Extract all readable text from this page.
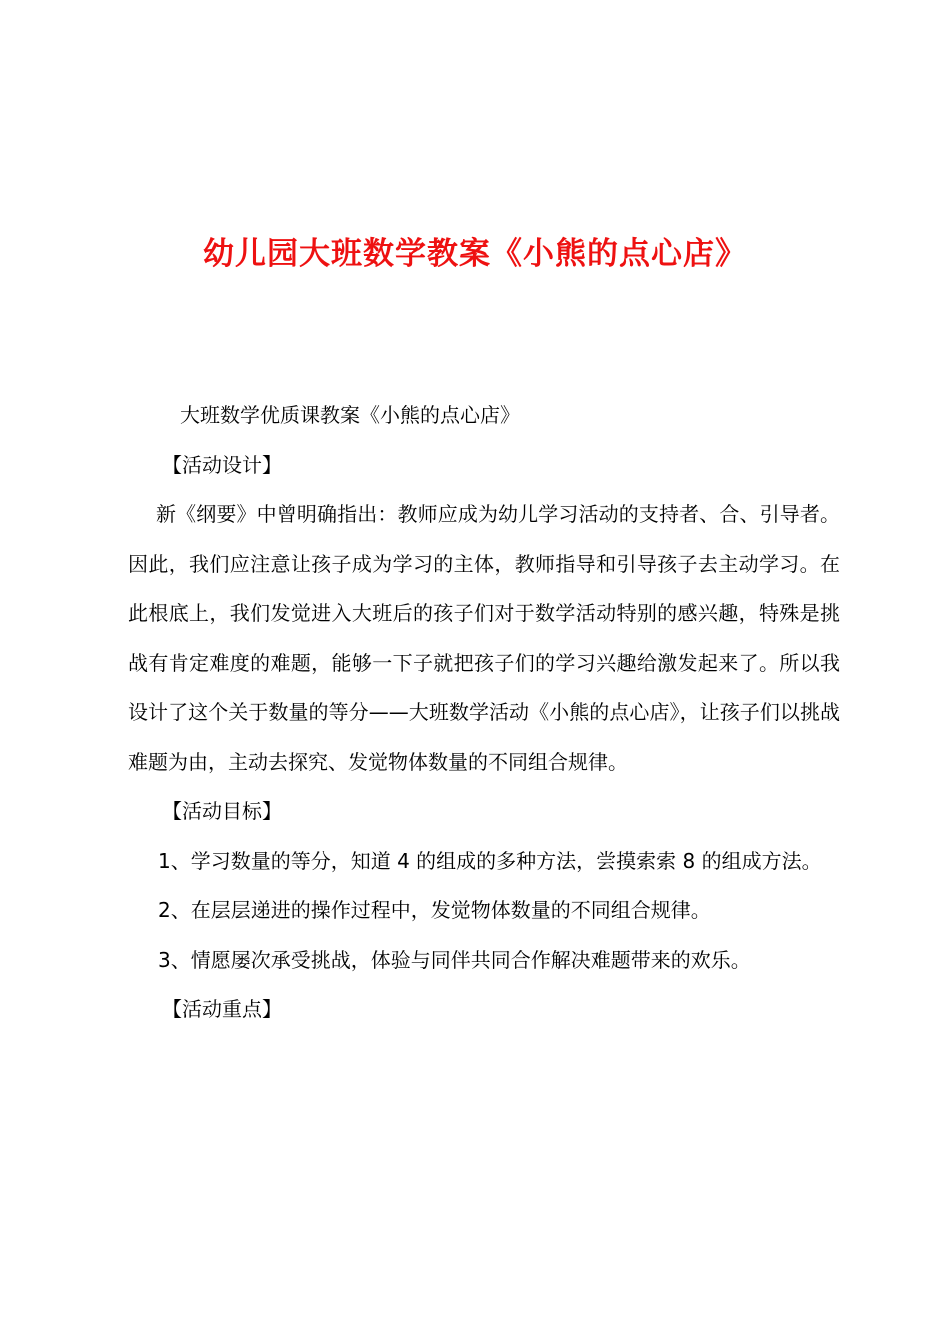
幼儿园大班数学教案《小熊的点心店》

大班数学优质课教案《小熊的点心店》

【活动设计】

新《纲要》中曾明确指出：教师应成为幼儿学习活动的支持者、合、引导者。因此，我们应注意让孩子成为学习的主体，教师指导和引导孩子去主动学习。在此根底上，我们发觉进入大班后的孩子们对于数学活动特别的感兴趣，特殊是挑战有肯定难度的难题，能够一下子就把孩子们的学习兴趣给激发起来了。所以我设计了这个关于数量的等分——大班数学活动《小熊的点心店》，让孩子们以挑战难题为由，主动去探究、发觉物体数量的不同组合规律。

【活动目标】

1、学习数量的等分，知道 4 的组成的多种方法，尝摸索索 8 的组成方法。

2、在层层递进的操作过程中，发觉物体数量的不同组合规律。

3、情愿屡次承受挑战，体验与同伴共同合作解决难题带来的欢乐。

【活动重点】
